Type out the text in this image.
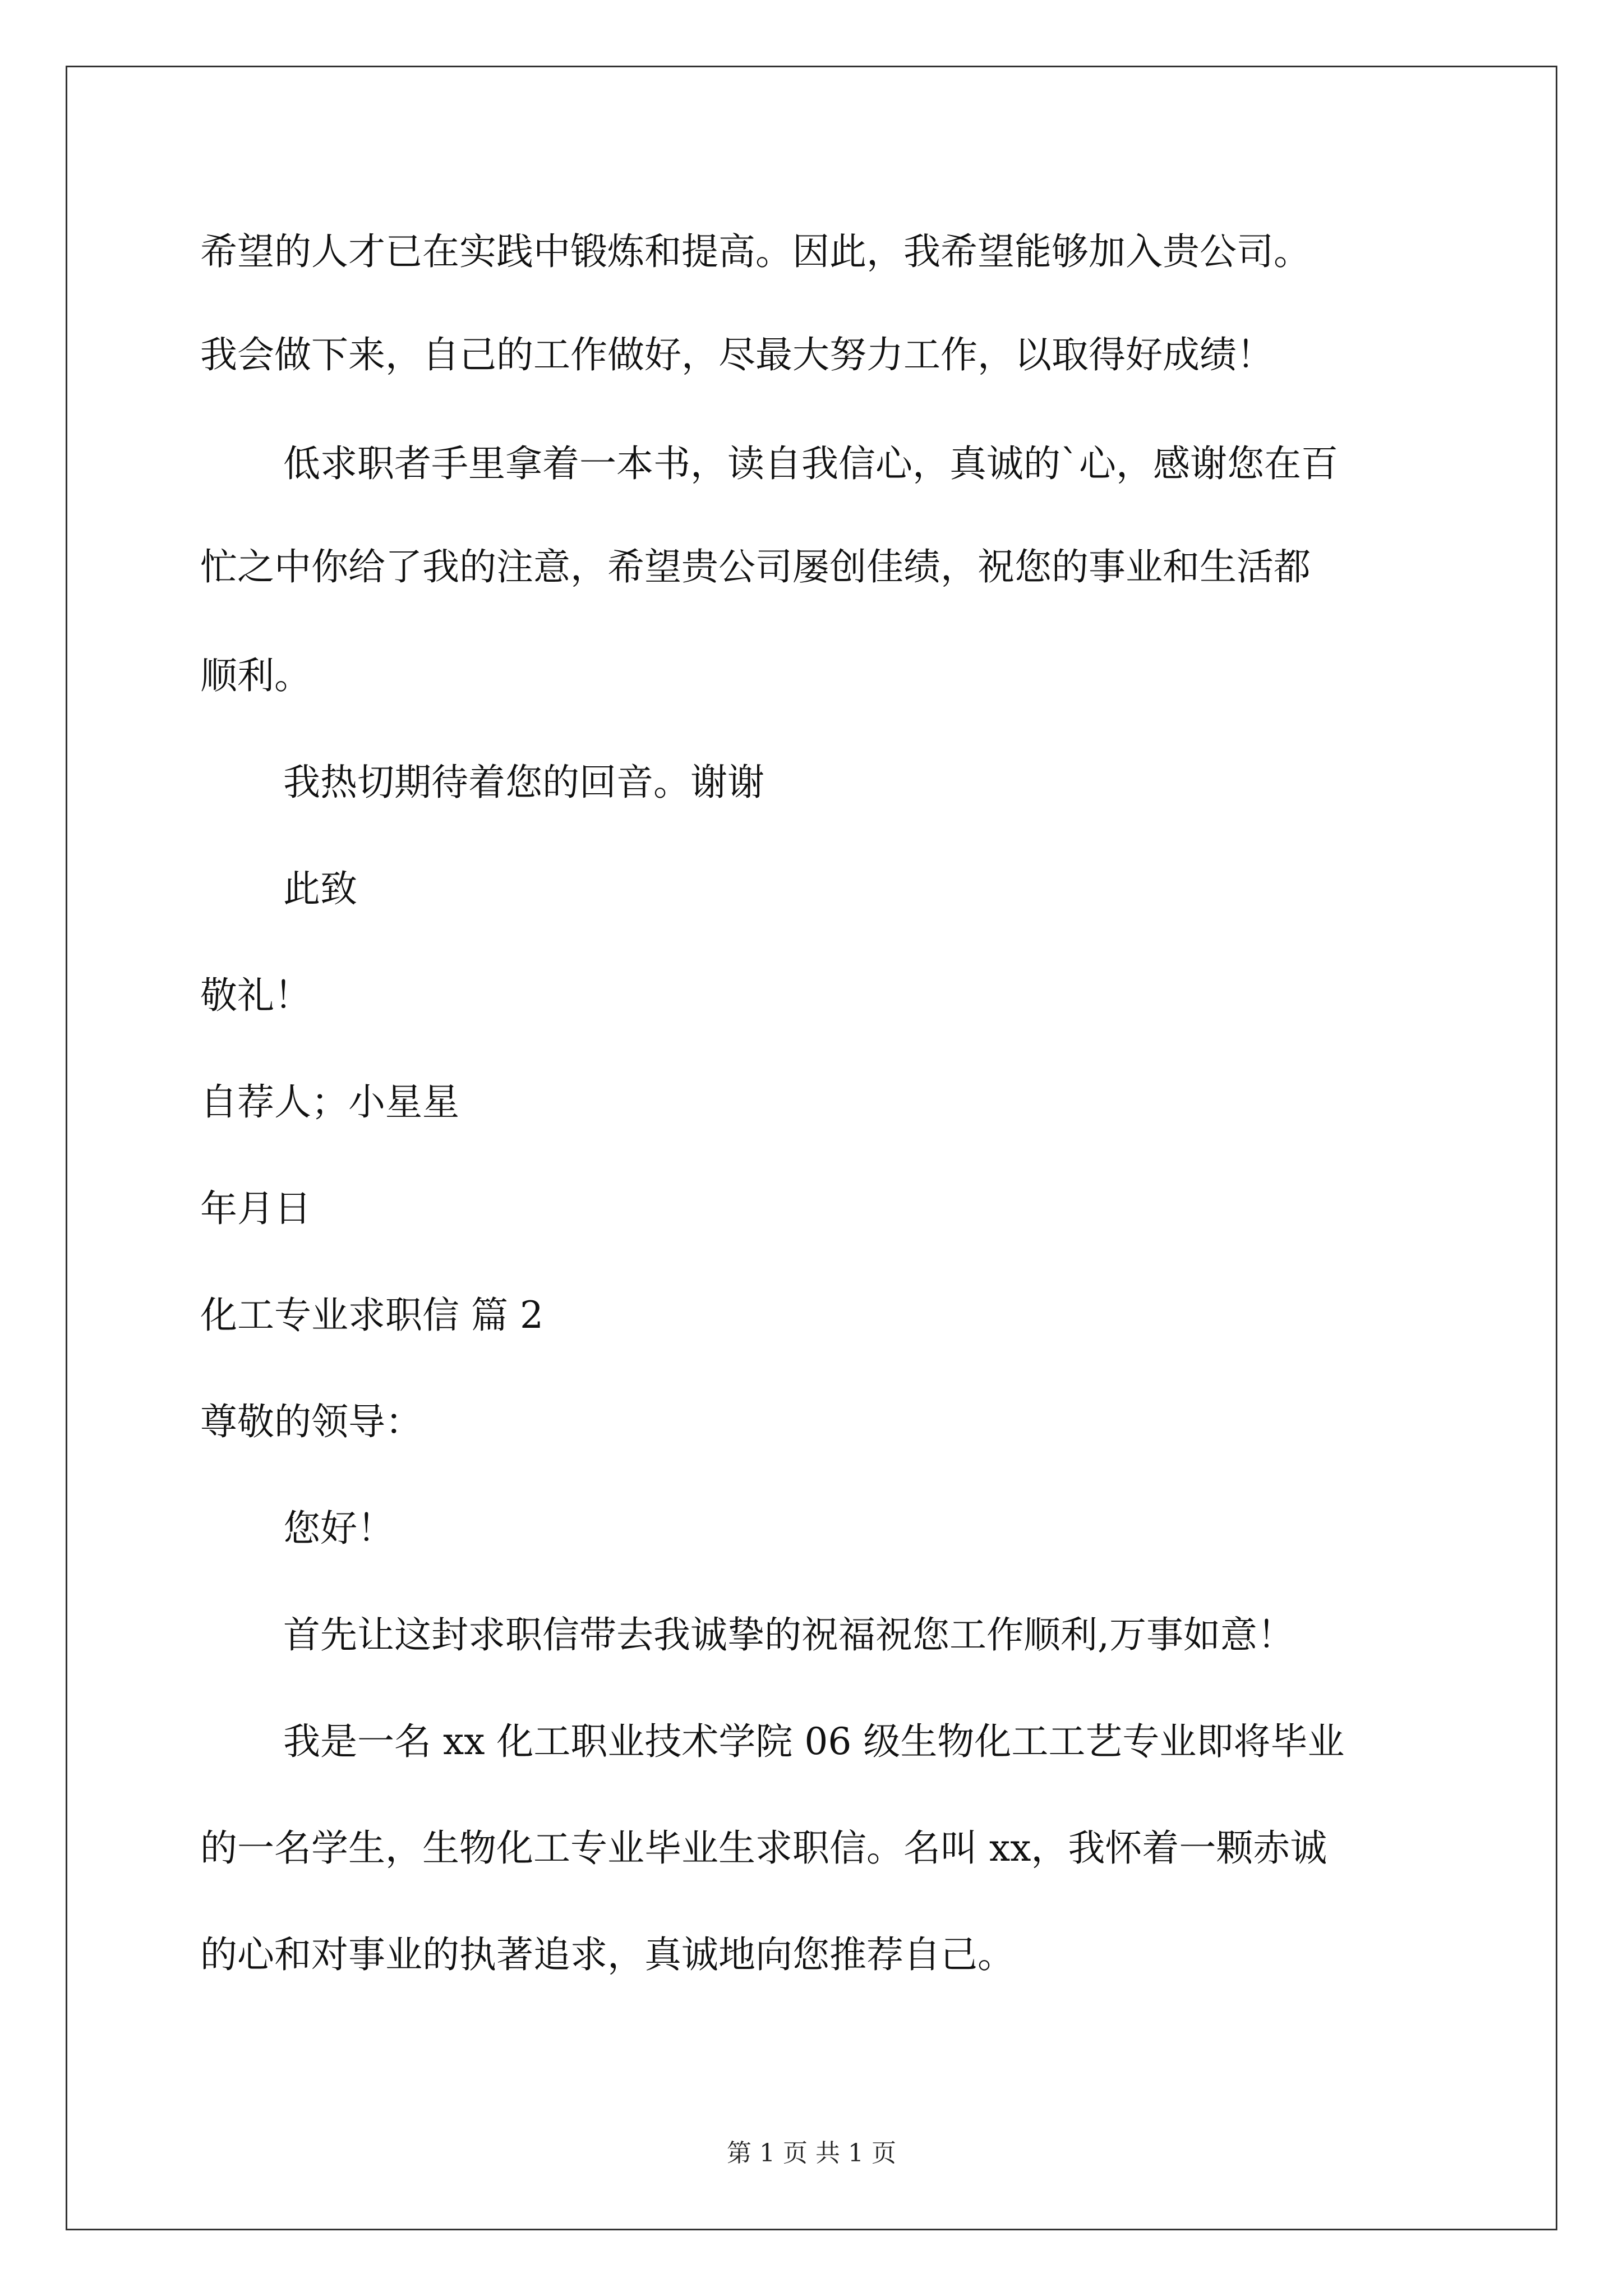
希望的人才已在实践中锻炼和提高。因此，我希望能够加入贵公司。
我会做下来，自己的工作做好，尽最大努力工作，以取得好成绩！
低求职者手里拿着一本书，读自我信心，真诚的`心，感谢您在百
忙之中你给了我的注意，希望贵公司屡创佳绩，祝您的事业和生活都
顺利。
我热切期待着您的回音。谢谢
此致
敬礼！
自荐人；小星星
年月日
化工专业求职信 篇 2
尊敬的领导：
您好！
首先让这封求职信带去我诚挚的祝福祝您工作顺利,万事如意！
我是一名 xx 化工职业技术学院 06 级生物化工工艺专业即将毕业
的一名学生，生物化工专业毕业生求职信。名叫 xx，我怀着一颗赤诚
的心和对事业的执著追求，真诚地向您推荐自己。
第 1 页 共 1 页
